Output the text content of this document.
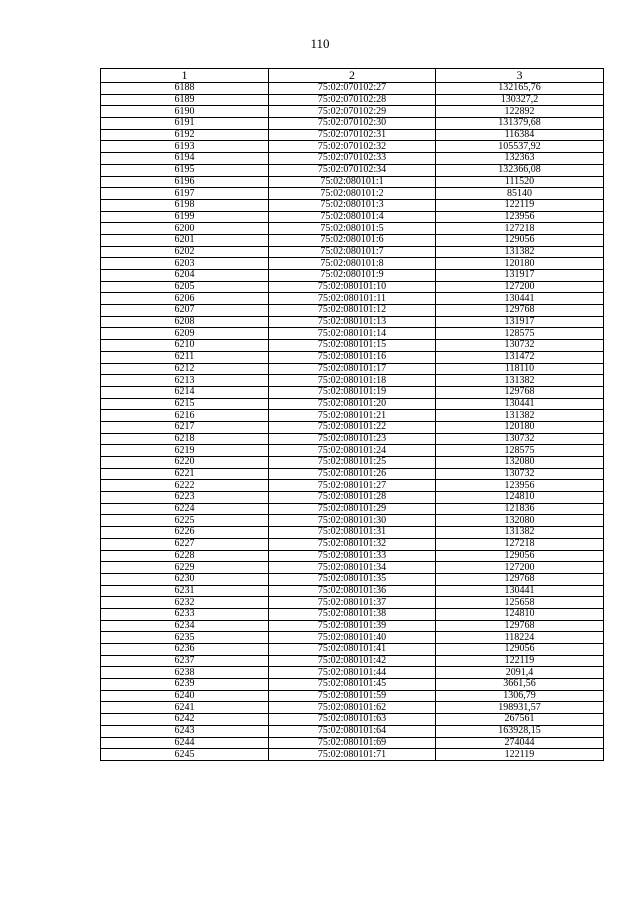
110
1	2	3
6188	75:02:070102:27	132165,76
6189	75:02:070102:28	130327,2
6190	75:02:070102:29	122892
6191	75:02:070102:30	131379,68
6192	75:02:070102:31	116384
6193	75:02:070102:32	105537,92
6194	75:02:070102:33	132363
6195	75:02:070102:34	132366,08
6196	75:02:080101:1	111520
6197	75:02:080101:2	85140
6198	75:02:080101:3	122119
6199	75:02:080101:4	123956
6200	75:02:080101:5	127218
6201	75:02:080101:6	129056
6202	75:02:080101:7	131382
6203	75:02:080101:8	120180
6204	75:02:080101:9	131917
6205	75:02:080101:10	127200
6206	75:02:080101:11	130441
6207	75:02:080101:12	129768
6208	75:02:080101:13	131917
6209	75:02:080101:14	128575
6210	75:02:080101:15	130732
6211	75:02:080101:16	131472
6212	75:02:080101:17	118110
6213	75:02:080101:18	131382
6214	75:02:080101:19	129768
6215	75:02:080101:20	130441
6216	75:02:080101:21	131382
6217	75:02:080101:22	120180
6218	75:02:080101:23	130732
6219	75:02:080101:24	128575
6220	75:02:080101:25	132080
6221	75:02:080101:26	130732
6222	75:02:080101:27	123956
6223	75:02:080101:28	124810
6224	75:02:080101:29	121836
6225	75:02:080101:30	132080
6226	75:02:080101:31	131382
6227	75:02:080101:32	127218
6228	75:02:080101:33	129056
6229	75:02:080101:34	127200
6230	75:02:080101:35	129768
6231	75:02:080101:36	130441
6232	75:02:080101:37	125658
6233	75:02:080101:38	124810
6234	75:02:080101:39	129768
6235	75:02:080101:40	118224
6236	75:02:080101:41	129056
6237	75:02:080101:42	122119
6238	75:02:080101:44	2091,4
6239	75:02:080101:45	3661,56
6240	75:02:080101:59	1306,79
6241	75:02:080101:62	198931,57
6242	75:02:080101:63	267561
6243	75:02:080101:64	163928,15
6244	75:02:080101:69	274044
6245	75:02:080101:71	122119
